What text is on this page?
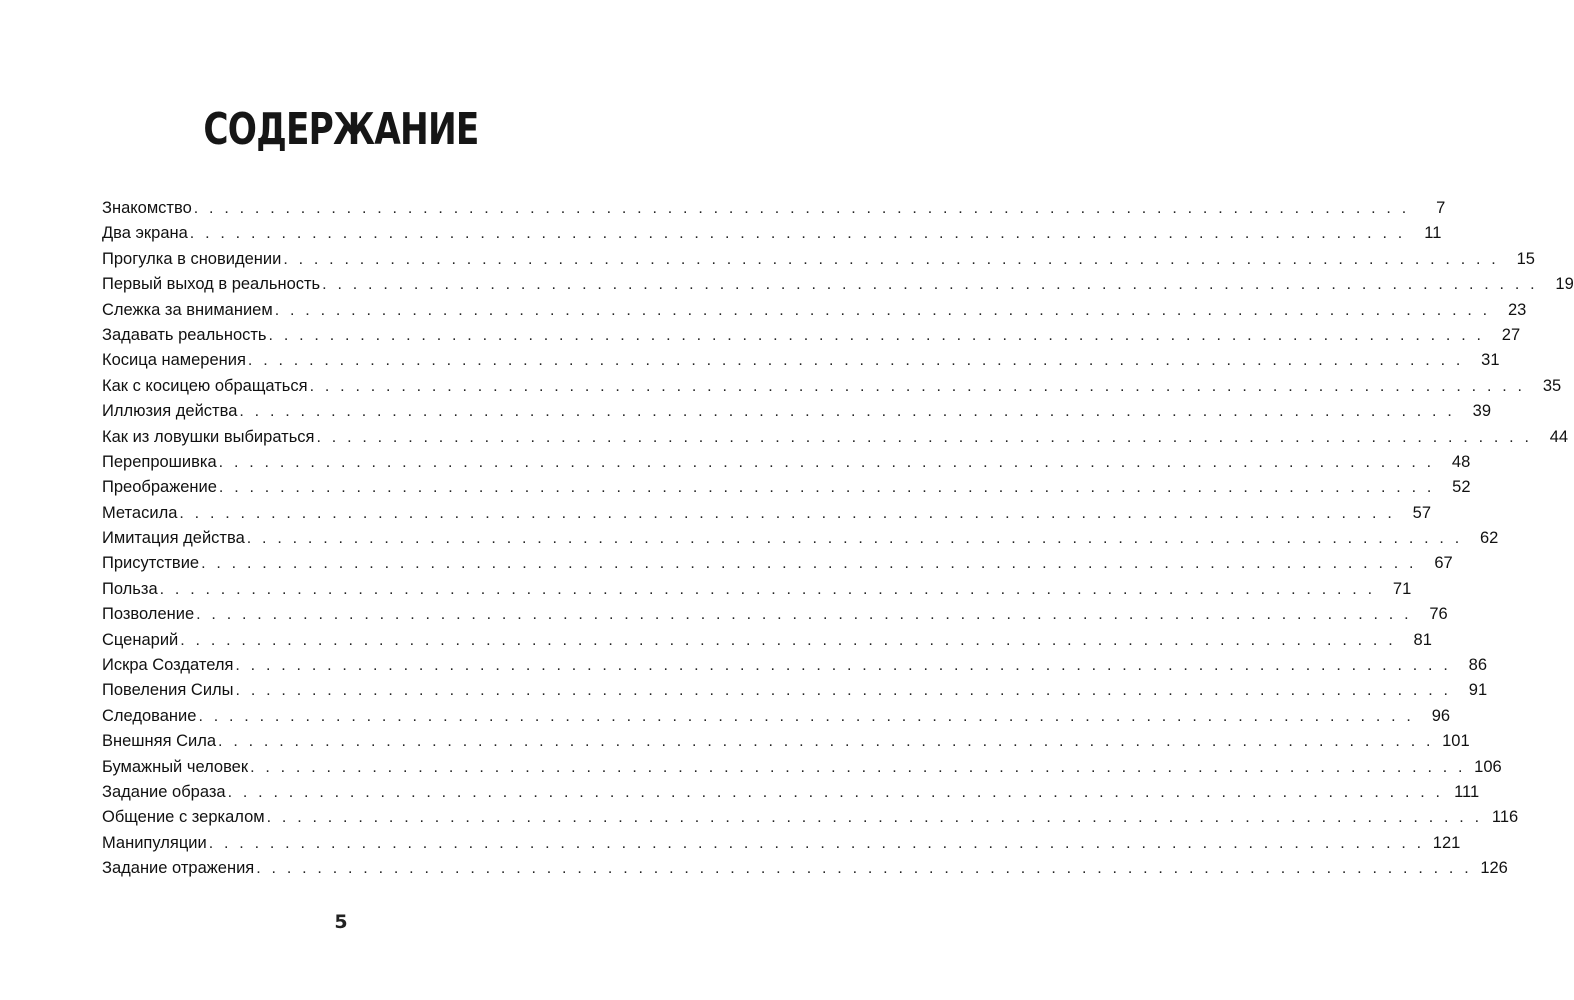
СОДЕРЖАНИЕ
Знакомство . . . . . . . . . . . . . . . . . . . . . . . . . . . . . . . . . . . . . . . . . . . . . . . . . . . . . . . . . . . . . . . . . . . . . . . . . . . . . . . .	7
Два экрана . . . . . . . . . . . . . . . . . . . . . . . . . . . . . . . . . . . . . . . . . . . . . . . . . . . . . . . . . . . . . . . . . . . . . . . . . . . . . . . .	11
Прогулка в сновидении . . . . . . . . . . . . . . . . . . . . . . . . . . . . . . . . . . . . . . . . . . . . . . . . . . . . . . . . . . . . . . . . . . . . . . . . . . . . . . . .	15
Первый выход в реальность . . . . . . . . . . . . . . . . . . . . . . . . . . . . . . . . . . . . . . . . . . . . . . . . . . . . . . . . . . . . . . . . . . . . . . . . . . . . . . . .	19
Слежка за вниманием . . . . . . . . . . . . . . . . . . . . . . . . . . . . . . . . . . . . . . . . . . . . . . . . . . . . . . . . . . . . . . . . . . . . . . . . . . . . . . . .	23
Задавать реальность . . . . . . . . . . . . . . . . . . . . . . . . . . . . . . . . . . . . . . . . . . . . . . . . . . . . . . . . . . . . . . . . . . . . . . . . . . . . . . . .	27
Косица намерения . . . . . . . . . . . . . . . . . . . . . . . . . . . . . . . . . . . . . . . . . . . . . . . . . . . . . . . . . . . . . . . . . . . . . . . . . . . . . . . .	31
Как с косицею обращаться . . . . . . . . . . . . . . . . . . . . . . . . . . . . . . . . . . . . . . . . . . . . . . . . . . . . . . . . . . . . . . . . . . . . . . . . . . . . . . . .	35
Иллюзия действа . . . . . . . . . . . . . . . . . . . . . . . . . . . . . . . . . . . . . . . . . . . . . . . . . . . . . . . . . . . . . . . . . . . . . . . . . . . . . . . .	39
Как из ловушки выбираться . . . . . . . . . . . . . . . . . . . . . . . . . . . . . . . . . . . . . . . . . . . . . . . . . . . . . . . . . . . . . . . . . . . . . . . . . . . . . . . .	44
Перепрошивка . . . . . . . . . . . . . . . . . . . . . . . . . . . . . . . . . . . . . . . . . . . . . . . . . . . . . . . . . . . . . . . . . . . . . . . . . . . . . . . .	48
Преображение . . . . . . . . . . . . . . . . . . . . . . . . . . . . . . . . . . . . . . . . . . . . . . . . . . . . . . . . . . . . . . . . . . . . . . . . . . . . . . . .	52
Метасила . . . . . . . . . . . . . . . . . . . . . . . . . . . . . . . . . . . . . . . . . . . . . . . . . . . . . . . . . . . . . . . . . . . . . . . . . . . . . . . .	57
Имитация действа . . . . . . . . . . . . . . . . . . . . . . . . . . . . . . . . . . . . . . . . . . . . . . . . . . . . . . . . . . . . . . . . . . . . . . . . . . . . . . . .	62
Присутствие . . . . . . . . . . . . . . . . . . . . . . . . . . . . . . . . . . . . . . . . . . . . . . . . . . . . . . . . . . . . . . . . . . . . . . . . . . . . . . . .	67
Польза . . . . . . . . . . . . . . . . . . . . . . . . . . . . . . . . . . . . . . . . . . . . . . . . . . . . . . . . . . . . . . . . . . . . . . . . . . . . . . . .	71
Позволение . . . . . . . . . . . . . . . . . . . . . . . . . . . . . . . . . . . . . . . . . . . . . . . . . . . . . . . . . . . . . . . . . . . . . . . . . . . . . . . .	76
Сценарий . . . . . . . . . . . . . . . . . . . . . . . . . . . . . . . . . . . . . . . . . . . . . . . . . . . . . . . . . . . . . . . . . . . . . . . . . . . . . . . .	81
Искра Создателя . . . . . . . . . . . . . . . . . . . . . . . . . . . . . . . . . . . . . . . . . . . . . . . . . . . . . . . . . . . . . . . . . . . . . . . . . . . . . . . .	86
Повеления Силы . . . . . . . . . . . . . . . . . . . . . . . . . . . . . . . . . . . . . . . . . . . . . . . . . . . . . . . . . . . . . . . . . . . . . . . . . . . . . . . .	91
Следование . . . . . . . . . . . . . . . . . . . . . . . . . . . . . . . . . . . . . . . . . . . . . . . . . . . . . . . . . . . . . . . . . . . . . . . . . . . . . . . .	96
Внешняя Сила . . . . . . . . . . . . . . . . . . . . . . . . . . . . . . . . . . . . . . . . . . . . . . . . . . . . . . . . . . . . . . . . . . . . . . . . . . . . . . . . 101
Бумажный человек . . . . . . . . . . . . . . . . . . . . . . . . . . . . . . . . . . . . . . . . . . . . . . . . . . . . . . . . . . . . . . . . . . . . . . . . . . . . . . . . 106
Задание образа . . . . . . . . . . . . . . . . . . . . . . . . . . . . . . . . . . . . . . . . . . . . . . . . . . . . . . . . . . . . . . . . . . . . . . . . . . . . . . . . 111
Общение с зеркалом . . . . . . . . . . . . . . . . . . . . . . . . . . . . . . . . . . . . . . . . . . . . . . . . . . . . . . . . . . . . . . . . . . . . . . . . . . . . . . . . 116
Манипуляции . . . . . . . . . . . . . . . . . . . . . . . . . . . . . . . . . . . . . . . . . . . . . . . . . . . . . . . . . . . . . . . . . . . . . . . . . . . . . . . . 121
Задание отражения . . . . . . . . . . . . . . . . . . . . . . . . . . . . . . . . . . . . . . . . . . . . . . . . . . . . . . . . . . . . . . . . . . . . . . . . . . . . . . . . 126
5
